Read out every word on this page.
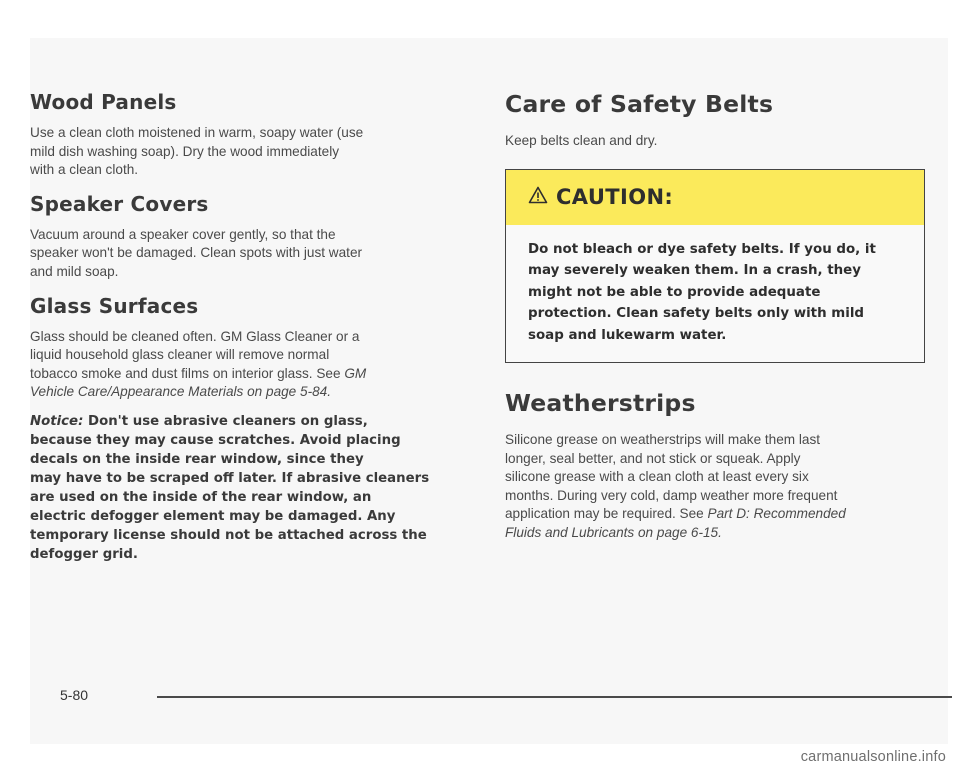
Wood Panels

Use a clean cloth moistened in warm, soapy water (use
mild dish washing soap). Dry the wood immediately
with a clean cloth.

Speaker Covers

Vacuum around a speaker cover gently, so that the
speaker won't be damaged. Clean spots with just water
and mild soap.

Glass Surfaces

Glass should be cleaned often. GM Glass Cleaner or a
liquid household glass cleaner will remove normal
tobacco smoke and dust films on interior glass. See GM
Vehicle Care/Appearance Materials on page 5-84.

Notice: Don't use abrasive cleaners on glass,
because they may cause scratches. Avoid placing
decals on the inside rear window, since they
may have to be scraped off later. If abrasive cleaners
are used on the inside of the rear window, an
electric defogger element may be damaged. Any
temporary license should not be attached across the
defogger grid.
Care of Safety Belts

Keep belts clean and dry.

CAUTION:
Do not bleach or dye safety belts. If you do, it
may severely weaken them. In a crash, they
might not be able to provide adequate
protection. Clean safety belts only with mild
soap and lukewarm water.
Weatherstrips

Silicone grease on weatherstrips will make them last
longer, seal better, and not stick or squeak. Apply
silicone grease with a clean cloth at least every six
months. During very cold, damp weather more frequent
application may be required. See Part D: Recommended
Fluids and Lubricants on page 6-15.

5-80
carmanualsonline.info
